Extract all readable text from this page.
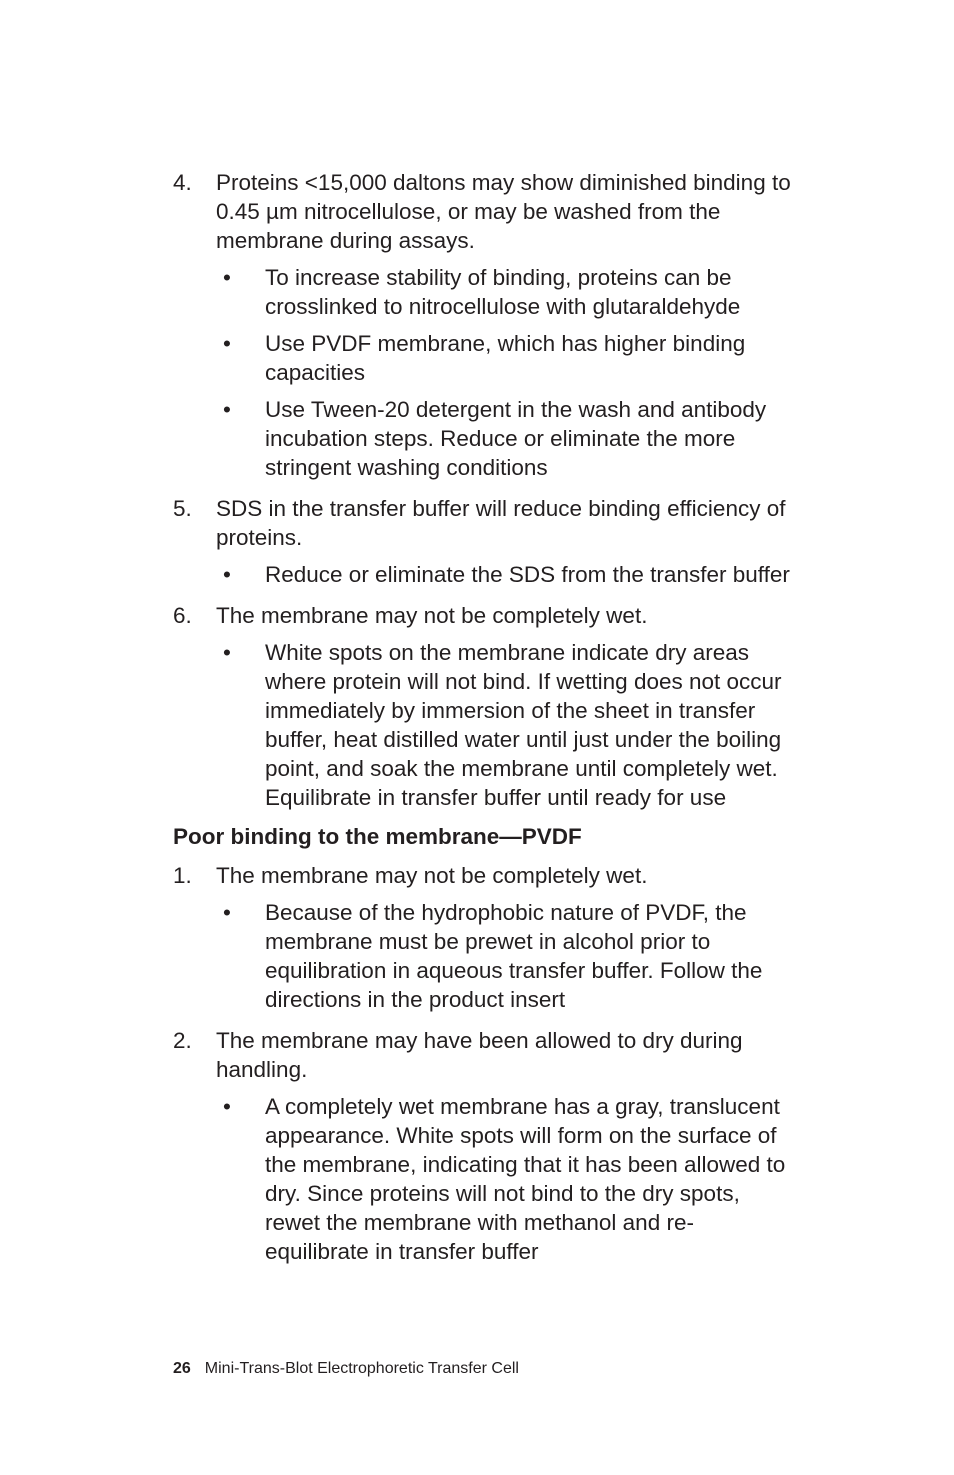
4.	Proteins <15,000 daltons may show diminished binding to 0.45 µm nitrocellulose, or may be washed from the membrane during assays.
•	To increase stability of binding, proteins can be crosslinked to nitrocellulose with glutaraldehyde
•	Use PVDF membrane, which has higher binding capacities
•	Use Tween-20 detergent in the wash and antibody incubation steps. Reduce or eliminate the more stringent washing conditions
5.	SDS in the transfer buffer will reduce binding efficiency of proteins.
•	Reduce or eliminate the SDS from the transfer buffer
6.	The membrane may not be completely wet.
•	White spots on the membrane indicate dry areas where protein will not bind. If wetting does not occur immediately by immersion of the sheet in transfer buffer, heat distilled water until just under the boiling point, and soak the membrane until completely wet. Equilibrate in transfer buffer until ready for use
Poor binding to the membrane—PVDF
1.	The membrane may not be completely wet.
•	Because of the hydrophobic nature of PVDF, the membrane must be prewet in alcohol prior to equilibration in aqueous transfer buffer. Follow the directions in the product insert
2.	The membrane may have been allowed to dry during handling.
•	A completely wet membrane has a gray, translucent appearance. White spots will form on the surface of the membrane, indicating that it has been allowed to dry. Since proteins will not bind to the dry spots, rewet the membrane with methanol and re-equilibrate in transfer buffer
26 Mini-Trans-Blot Electrophoretic Transfer Cell
